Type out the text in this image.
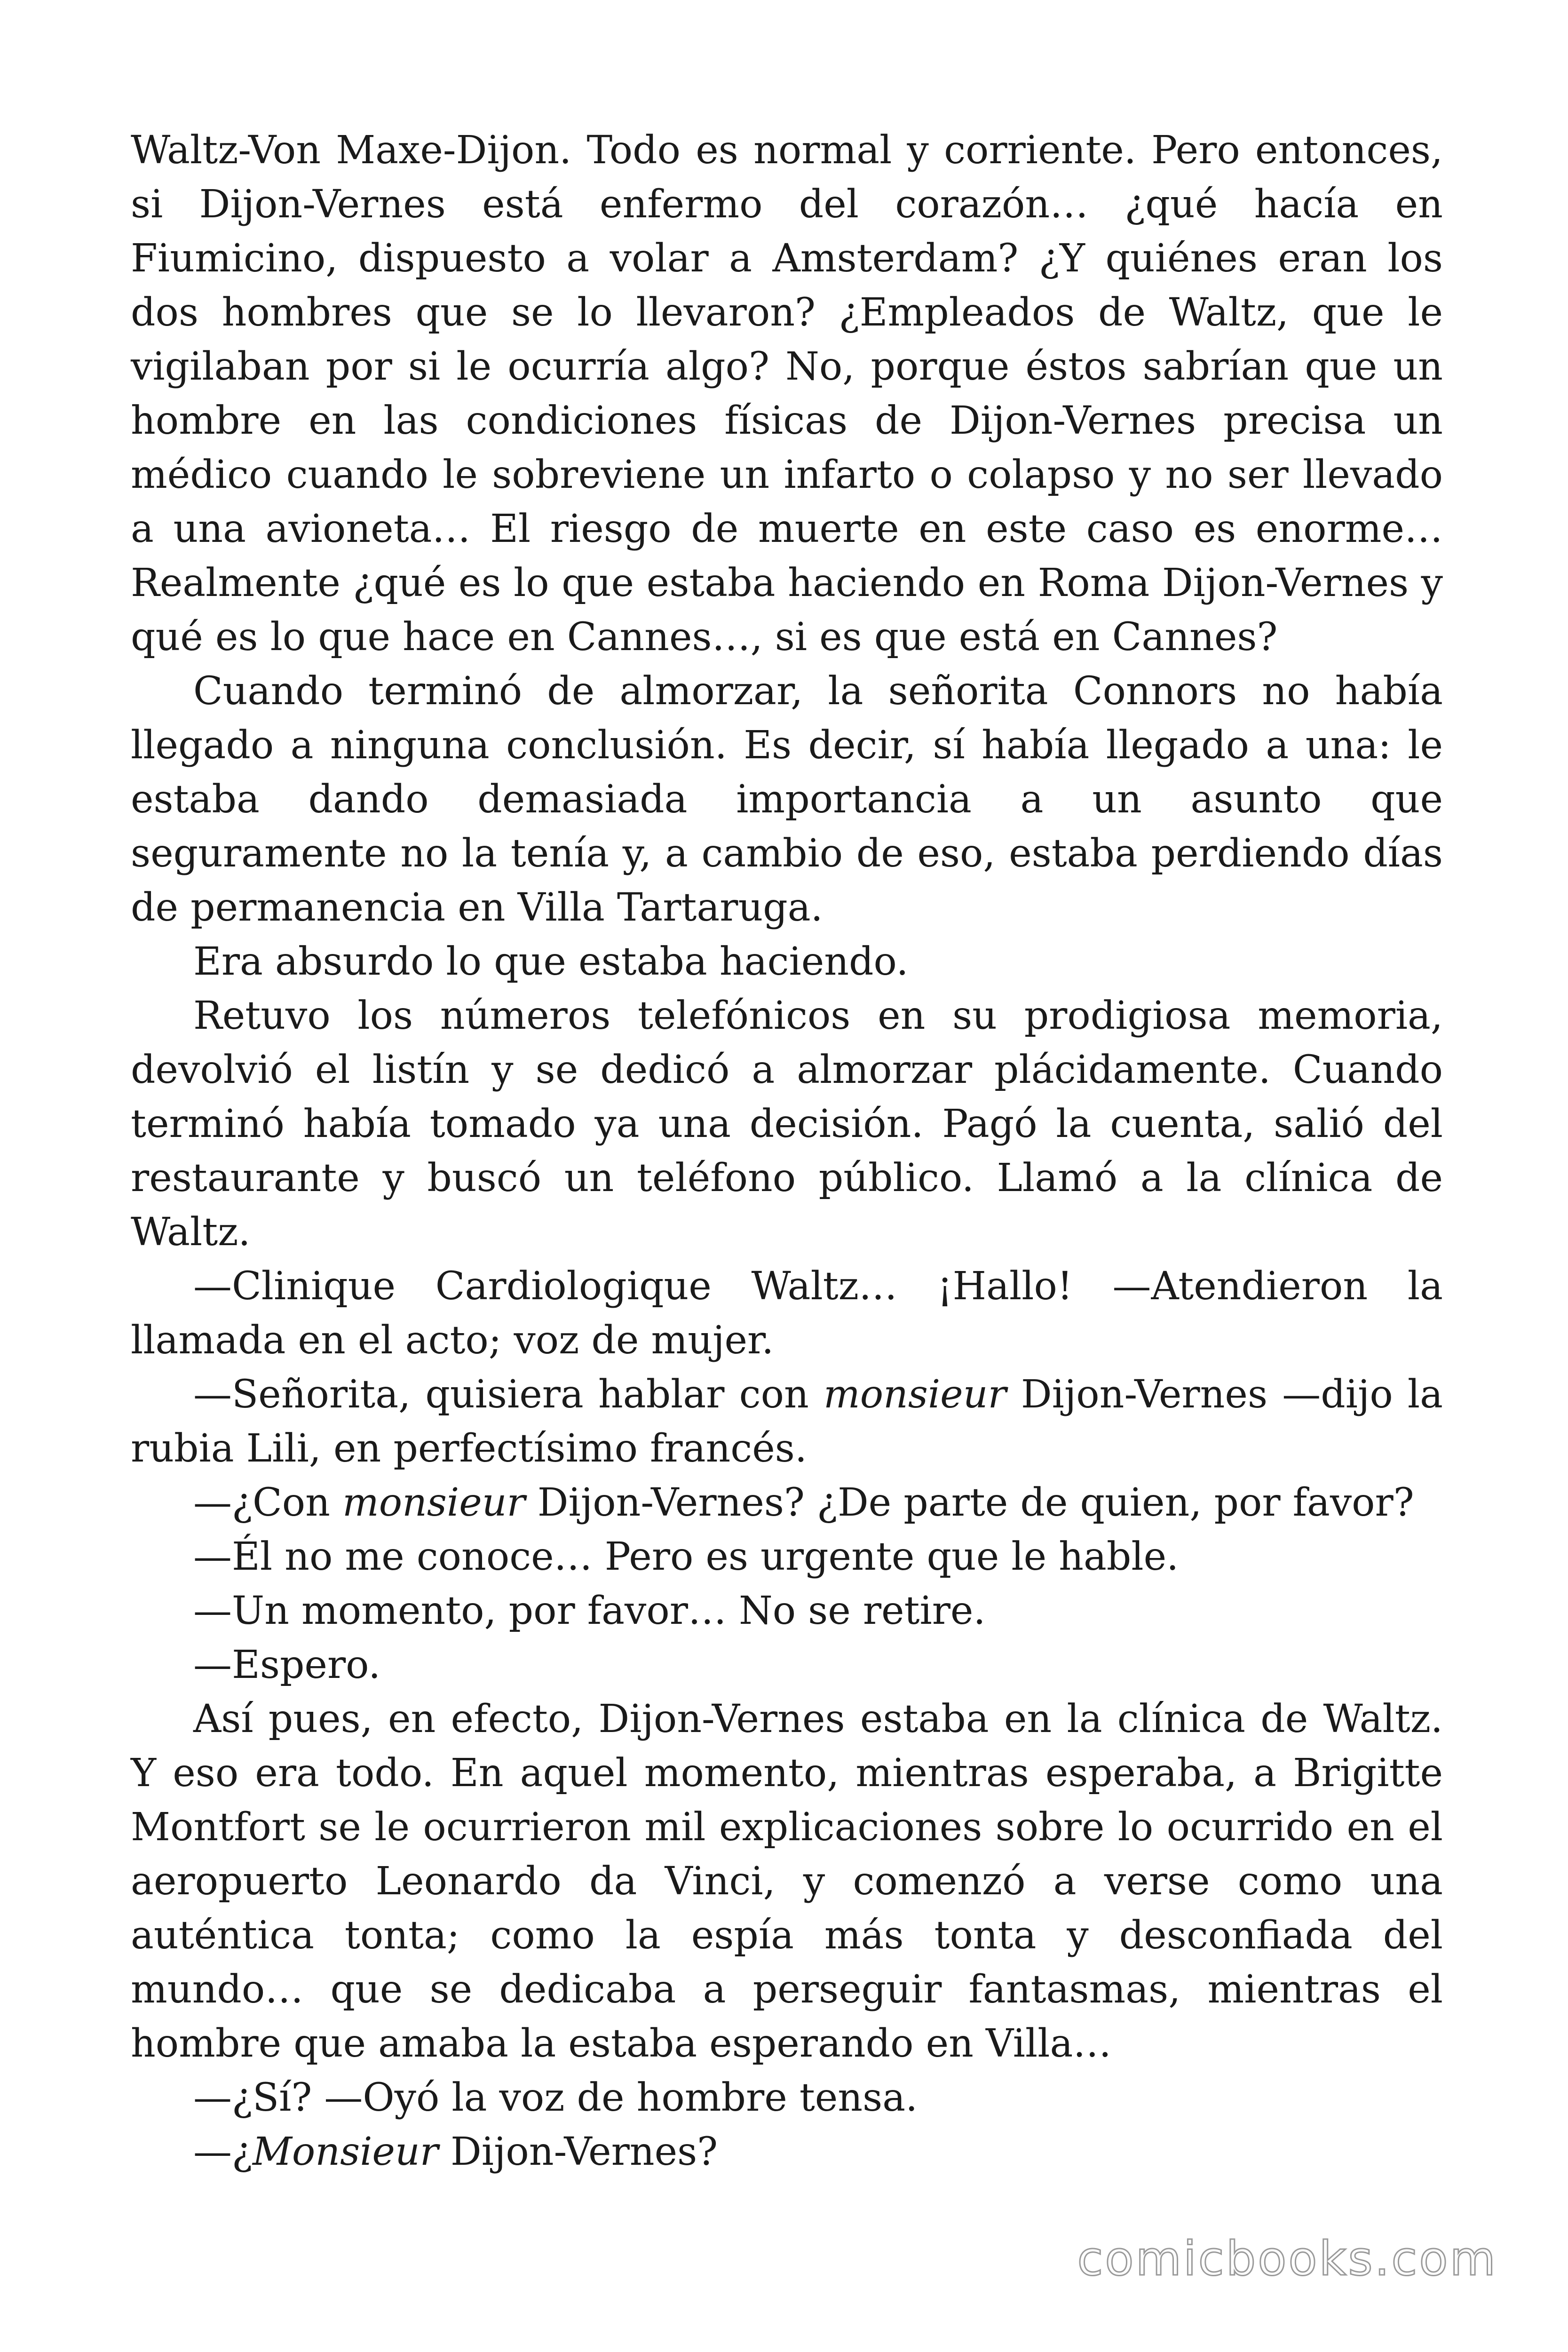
Waltz-Von Maxe-Dijon. Todo es normal y corriente. Pero entonces, si Dijon-Vernes está enfermo del corazón… ¿qué hacía en Fiumicino, dispuesto a volar a Amsterdam? ¿Y quiénes eran los dos hombres que se lo llevaron? ¿Empleados de Waltz, que le vigilaban por si le ocurría algo? No, porque éstos sabrían que un hombre en las condiciones físicas de Dijon-Vernes precisa un médico cuando le sobreviene un infarto o colapso y no ser llevado a una avioneta… El riesgo de muerte en este caso es enorme… Realmente ¿qué es lo que estaba haciendo en Roma Dijon-Vernes y qué es lo que hace en Cannes…, si es que está en Cannes?

Cuando terminó de almorzar, la señorita Connors no había llegado a ninguna conclusión. Es decir, sí había llegado a una: le estaba dando demasiada importancia a un asunto que seguramente no la tenía y, a cambio de eso, estaba perdiendo días de permanencia en Villa Tartaruga.

Era absurdo lo que estaba haciendo.

Retuvo los números telefónicos en su prodigiosa memoria, devolvió el listín y se dedicó a almorzar plácidamente. Cuando terminó había tomado ya una decisión. Pagó la cuenta, salió del restaurante y buscó un teléfono público. Llamó a la clínica de Waltz.

—Clinique Cardiologique Waltz… ¡Hallo! —Atendieron la llamada en el acto; voz de mujer.

—Señorita, quisiera hablar con monsieur Dijon-Vernes —dijo la rubia Lili, en perfectísimo francés.

—¿Con monsieur Dijon-Vernes? ¿De parte de quien, por favor?

—Él no me conoce… Pero es urgente que le hable.

—Un momento, por favor… No se retire.

—Espero.

Así pues, en efecto, Dijon-Vernes estaba en la clínica de Waltz. Y eso era todo. En aquel momento, mientras esperaba, a Brigitte Montfort se le ocurrieron mil explicaciones sobre lo ocurrido en el aeropuerto Leonardo da Vinci, y comenzó a verse como una auténtica tonta; como la espía más tonta y desconfiada del mundo… que se dedicaba a perseguir fantasmas, mientras el hombre que amaba la estaba esperando en Villa…

—¿Sí? —Oyó la voz de hombre tensa.

—¿Monsieur Dijon-Vernes?

comicbooks.com
